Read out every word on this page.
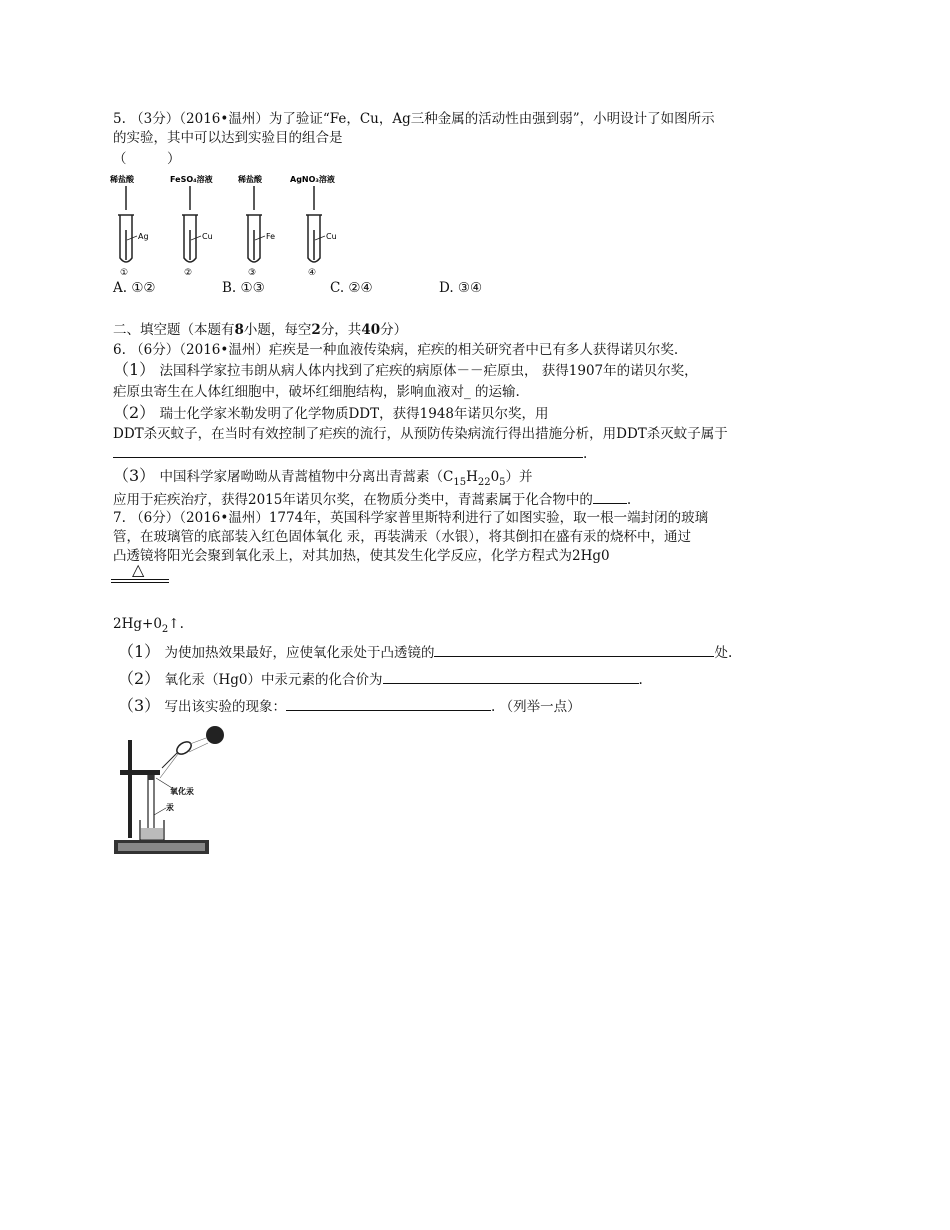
5. （3分）（2016•温州）为了验证“Fe，Cu，Ag三种金属的活动性由强到弱”，小明设计了如图所示
的实验，其中可以达到实验目的组合是
（　　　）
稀盐酸
Ag
①
FeSO₄溶液
Cu
②
稀盐酸
Fe
③
AgNO₃溶液
Cu
④
A. ①②	B. ①③	C. ②④	D. ③④
二、填空题（本题有8小题，每空2分，共40分）
6. （6分）（2016•温州）疟疾是一种血液传染病，疟疾的相关研究者中已有多人获得诺贝尔奖.
（1） 法国科学家拉韦朗从病人体内找到了疟疾的病原体－－疟原虫， 获得1907年的诺贝尔奖，
疟原虫寄生在人体红细胞中，破坏红细胞结构，影响血液对_ 的运输.
（2） 瑞士化学家米勒发明了化学物质DDT，获得1948年诺贝尔奖，用
DDT杀灭蚊子，在当时有效控制了疟疾的流行，从预防传染病流行得出措施分析，用DDT杀灭蚊子属于
.
（3） 中国科学家屠呦呦从青蒿植物中分离出青蒿素$(C_{15}H_{22}0_5)$并
应用于疟疾治疗，获得2015年诺贝尔奖，在物质分类中，青蒿素属于化合物中的	.
7. （6分）（2016•温州）1774年，英国科学家普里斯特利进行了如图实验，取一根一端封闭的玻璃
管，在玻璃管的底部装入红色固体氧化 汞，再装满汞（水银），将其倒扣在盛有汞的烧杯中，通过
凸透镜将阳光会聚到氧化汞上，对其加热，使其发生化学反应，化学方程式为2Hg0
△
$2Hg+0_2↑$.
（1） 为使加热效果最好，应使氧化汞处于凸透镜的	处.
（2） 氧化汞（Hg0）中汞元素的化合价为	.
（3） 写出该实验的现象：	. （列举一点）
氧化汞
汞
